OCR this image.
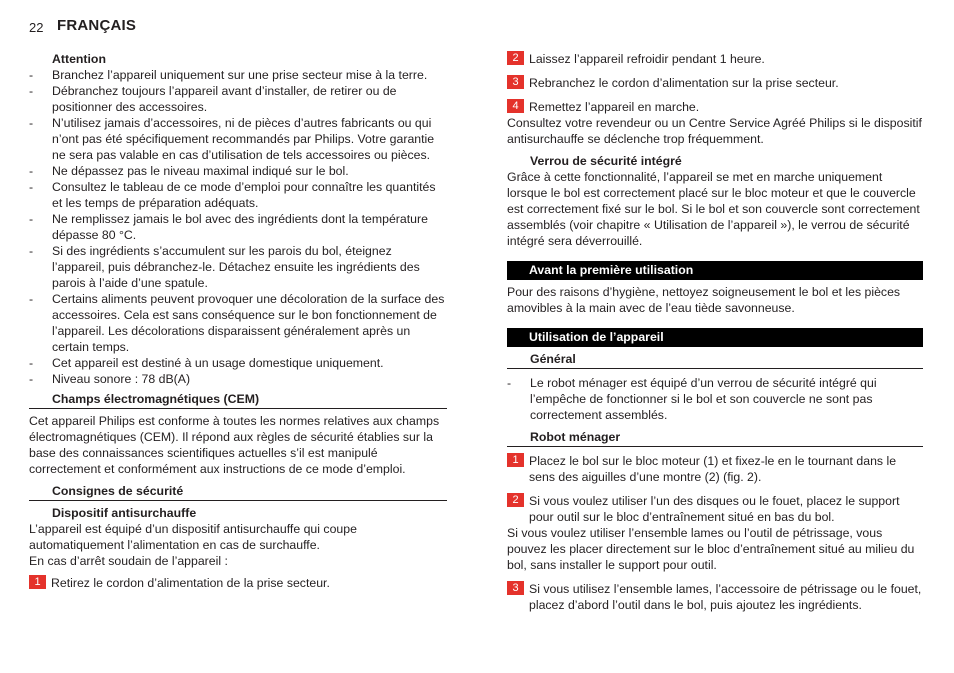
22 FRANÇAIS
Attention
- Branchez l’appareil uniquement sur une prise secteur mise à la terre.
- Débranchez toujours l’appareil avant d’installer, de retirer ou de positionner des accessoires.
- N’utilisez jamais d’accessoires, ni de pièces d’autres fabricants ou qui n’ont pas été spécifiquement recommandés par Philips. Votre garantie ne sera pas valable en cas d’utilisation de tels accessoires ou pièces.
- Ne dépassez pas le niveau maximal indiqué sur le bol.
- Consultez le tableau de ce mode d’emploi pour connaître les quantités et les temps de préparation adéquats.
- Ne remplissez jamais le bol avec des ingrédients dont la température dépasse 80 °C.
- Si des ingrédients s’accumulent sur les parois du bol, éteignez l’appareil, puis débranchez-le. Détachez ensuite les ingrédients des parois à l’aide d’une spatule.
- Certains aliments peuvent provoquer une décoloration de la surface des accessoires. Cela est sans conséquence sur le bon fonctionnement de l’appareil. Les décolorations disparaissent généralement après un certain temps.
- Cet appareil est destiné à un usage domestique uniquement.
- Niveau sonore : 78 dB(A)
Champs électromagnétiques (CEM)

Cet appareil Philips est conforme à toutes les normes relatives aux champs électromagnétiques (CEM). Il répond aux règles de sécurité établies sur la base des connaissances scientifiques actuelles s’il est manipulé correctement et conformément aux instructions de ce mode d’emploi.

Consignes de sécurité
Dispositif antisurchauffe

L’appareil est équipé d’un dispositif antisurchauffe qui coupe automatiquement l’alimentation en cas de surchauffe.

En cas d’arrêt soudain de l’appareil :

1 Retirez le cordon d’alimentation de la prise secteur.
2 Laissez l’appareil refroidir pendant 1 heure.
3 Rebranchez le cordon d’alimentation sur la prise secteur.
4 Remettez l’appareil en marche.

Consultez votre revendeur ou un Centre Service Agréé Philips si le dispositif antisurchauffe se déclenche trop fréquemment.

Verrou de sécurité intégré

Grâce à cette fonctionnalité, l’appareil se met en marche uniquement lorsque le bol est correctement placé sur le bloc moteur et que le couvercle est correctement fixé sur le bol. Si le bol et son couvercle sont correctement assemblés (voir chapitre « Utilisation de l’appareil »), le verrou de sécurité intégré sera déverrouillé.

Avant la première utilisation

Pour des raisons d’hygiène, nettoyez soigneusement le bol et les pièces amovibles à la main avec de l’eau tiède savonneuse.

Utilisation de l’appareil
Général
- Le robot ménager est équipé d’un verrou de sécurité intégré qui l’empêche de fonctionner si le bol et son couvercle ne sont pas correctement assemblés.
Robot ménager
1 Placez le bol sur le bloc moteur (1) et fixez-le en le tournant dans le sens des aiguilles d’une montre (2) (fig. 2).
2 Si vous voulez utiliser l’un des disques ou le fouet, placez le support pour outil sur le bloc d’entraînement situé en bas du bol.

Si vous voulez utiliser l’ensemble lames ou l’outil de pétrissage, vous pouvez les placer directement sur le bloc d’entraînement situé au milieu du bol, sans installer le support pour outil.

3 Si vous utilisez l’ensemble lames, l’accessoire de pétrissage ou le fouet, placez d’abord l’outil dans le bol, puis ajoutez les ingrédients.
